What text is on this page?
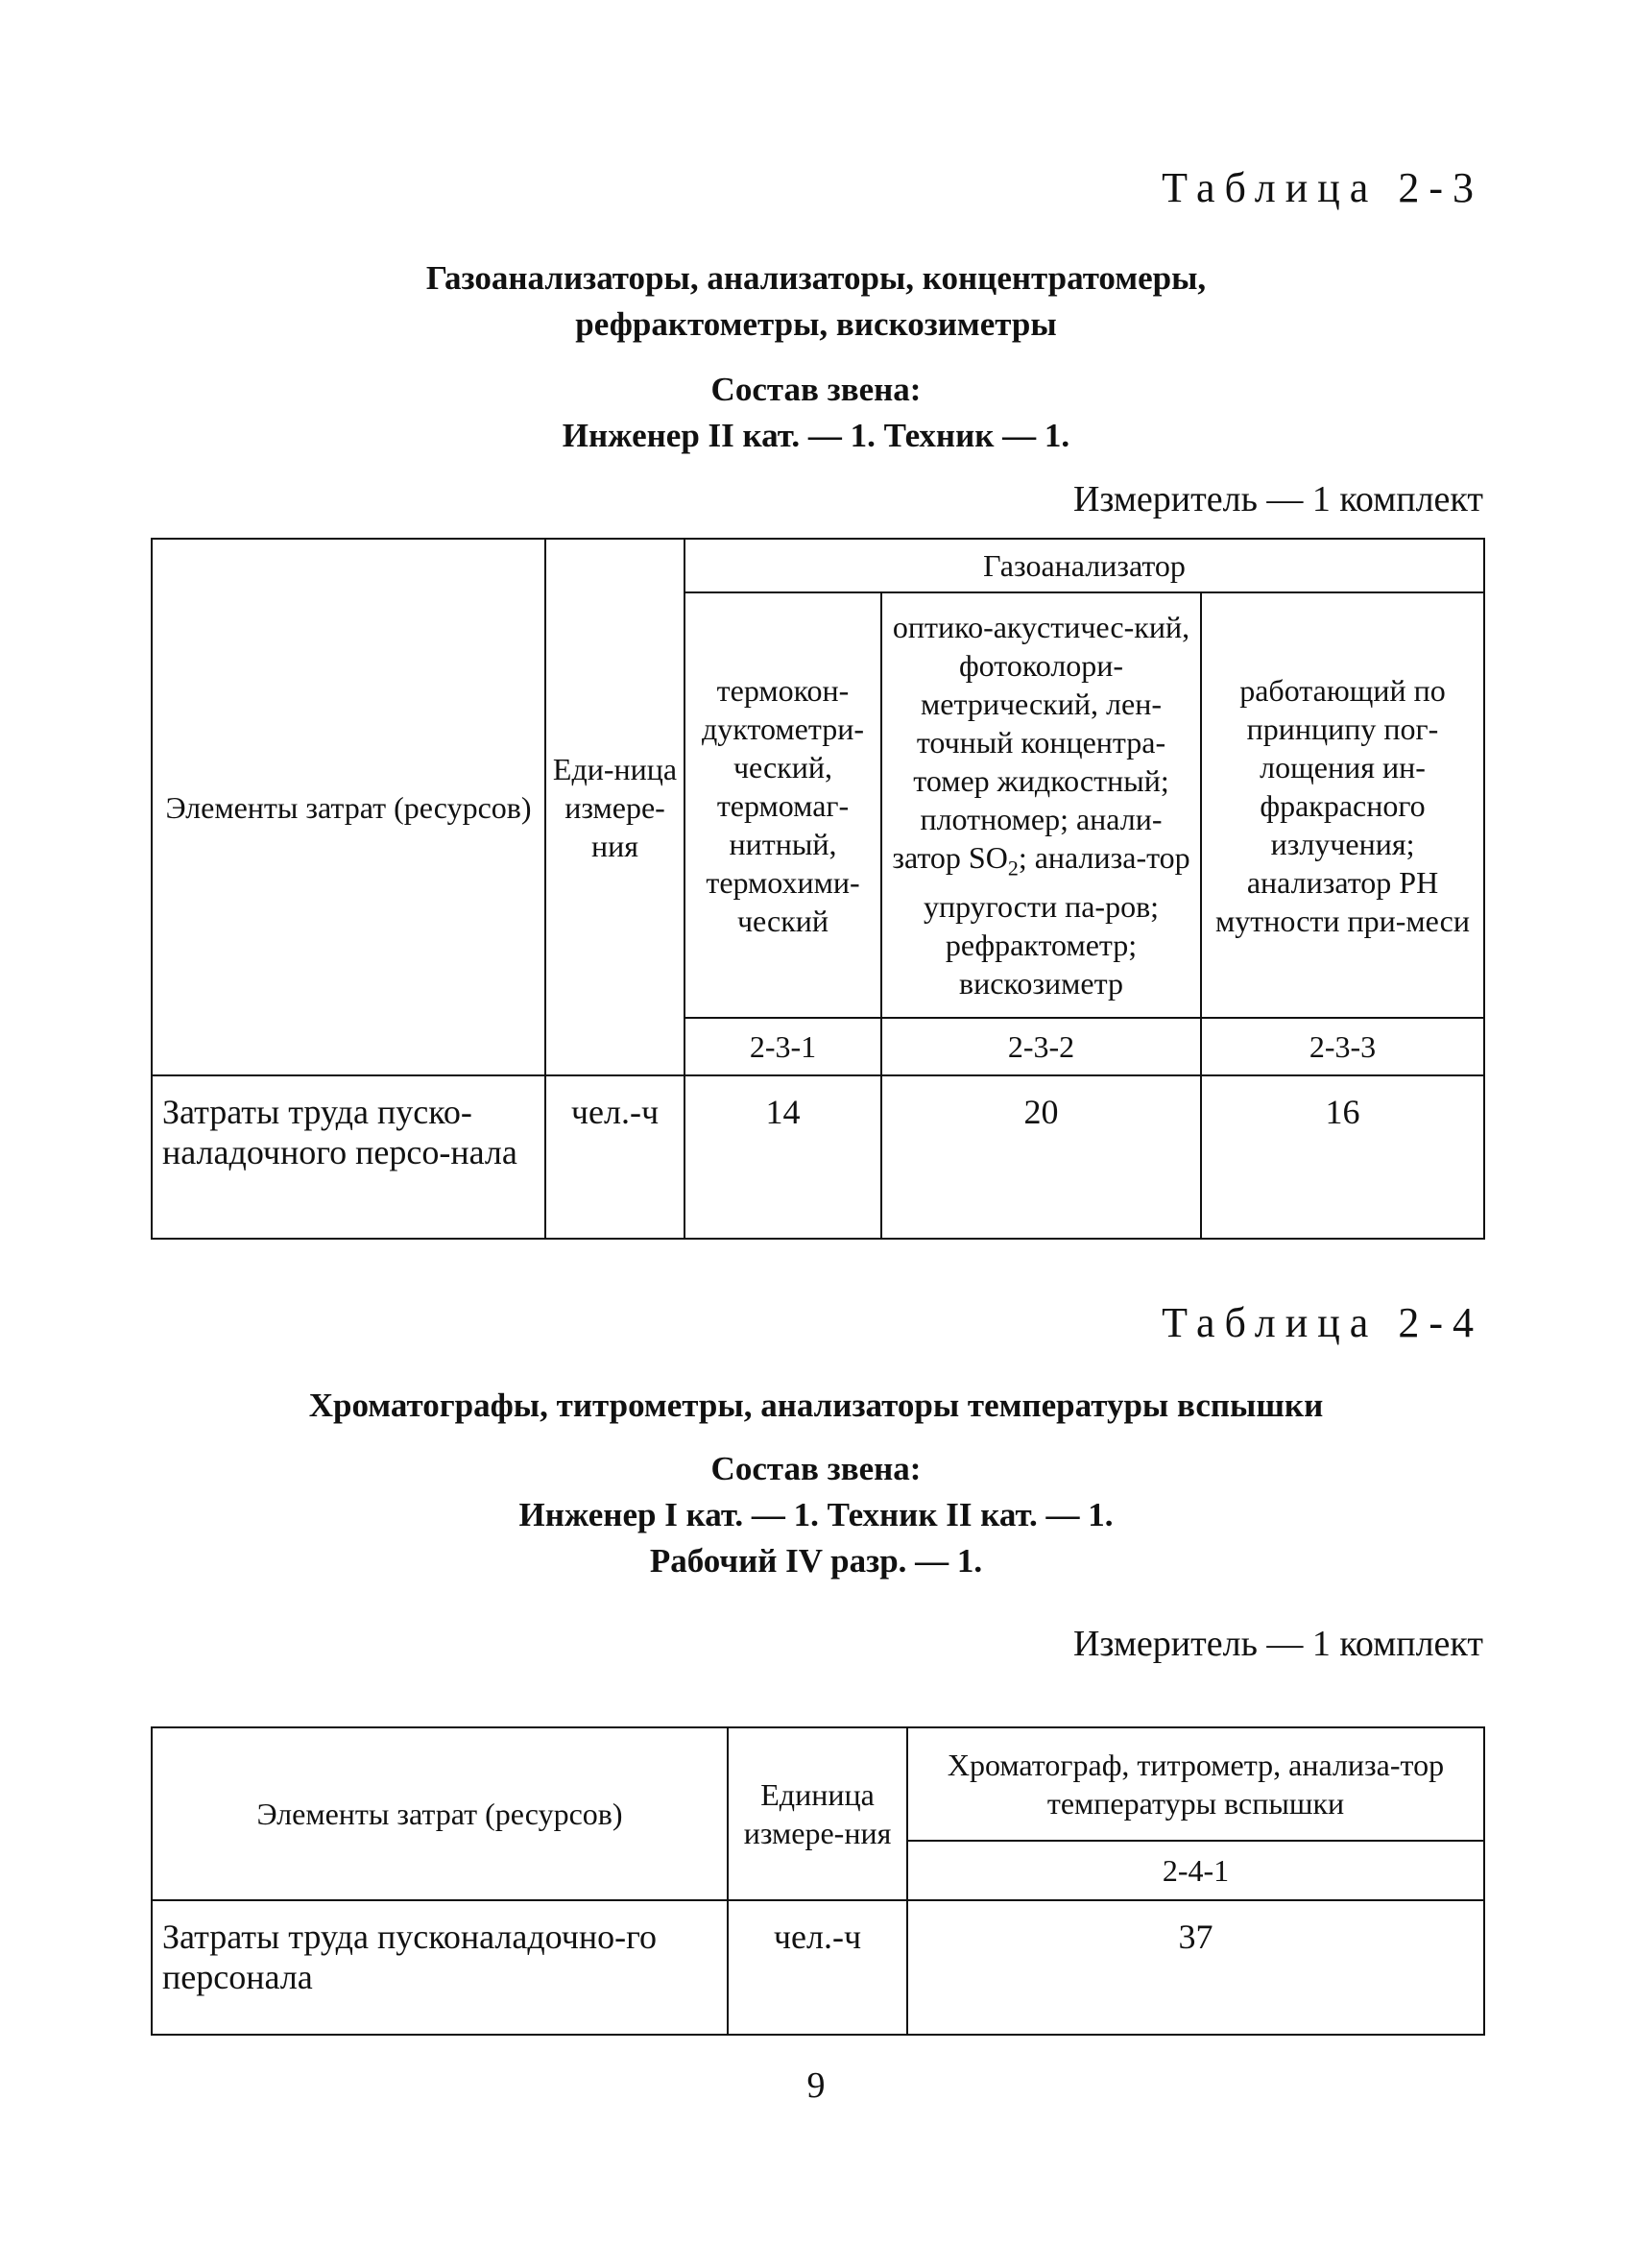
Таблица 2-3
Газоанализаторы, анализаторы, концентратомеры,
рефрактометры, вискозиметры
Состав звена:
Инженер II кат. — 1. Техник — 1.
Измеритель — 1 комплект
Элементы затрат (ресурсов)	Еди-ница измере-ния	Газоанализатор		
		термокон-дуктометри-ческий, термомаг-нитный, термохими-ческий	оптико-акустичес-кий, фотоколори-метрический, лен-точный концентра-томер жидкостный; плотномер; анали-затор $SO_2$; анализа-тор упругости па-ров; рефрактометр; вискозиметр	работающий по принципу пог-лощения ин-фракрасного излучения; анализатор PH мутности при-меси
		2-3-1	2-3-2	2-3-3
Затраты труда пуско-наладочного персо-нала	чел.-ч	14	20	16
Таблица 2-4
Хроматографы, титрометры, анализаторы температуры вспышки
Состав звена:
Инженер I кат. — 1. Техник II кат. — 1.
Рабочий IV разр. — 1.
Измеритель — 1 комплект
Элементы затрат (ресурсов)	Единица измере-ния	Хроматограф, титрометр, анализа-тор температуры вспышки
		2-4-1
Затраты труда пусконаладочно-го персонала	чел.-ч	37
9
